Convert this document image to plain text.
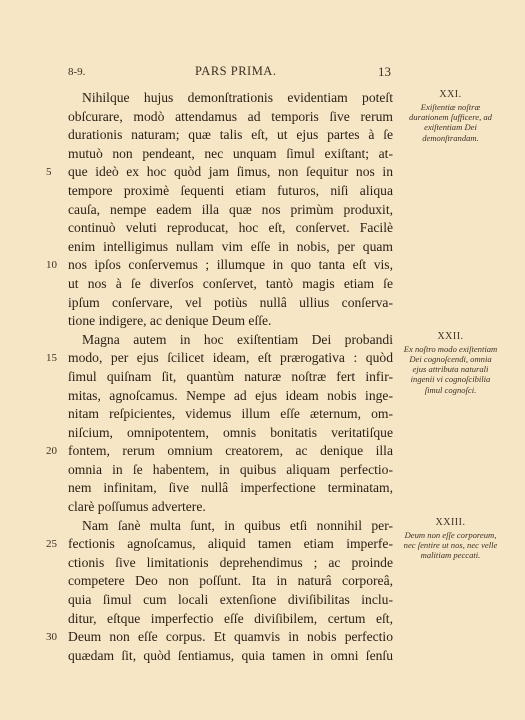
8-9.	PARS PRIMA.	13
Nihilque hujus demonſtrationis evidentiam poteſt
obſcurare, modò attendamus ad temporis ſive rerum
durationis naturam; quæ talis eſt, ut ejus partes à ſe
mutuò non pendeant, nec unquam ſimul exiſtant; at-
que ideò ex hoc quòd jam ſimus, non ſequitur nos in
tempore proximè ſequenti etiam futuros, niſi aliqua
cauſa, nempe eadem illa quæ nos primùm produxit,
continuò veluti reproducat, hoc eſt, conſervet. Facilè
enim intelligimus nullam vim eſſe in nobis, per quam
nos ipſos conſervemus ; illumque in quo tanta eſt vis,
ut nos à ſe diverſos conſervet, tantò magis etiam ſe
ipſum conſervare, vel potiùs nullâ ullius conſerva-
tione indigere, ac denique Deum eſſe.
Magna autem in hoc exiſtentiam Dei probandi
modo, per ejus ſcilicet ideam, eſt prærogativa : quòd
ſimul quiſnam ſit, quantùm naturæ noſtræ fert infir-
mitas, agnoſcamus. Nempe ad ejus ideam nobis inge-
nitam reſpicientes, videmus illum eſſe æternum, om-
niſcium, omnipotentem, omnis bonitatis veritatiſque
fontem, rerum omnium creatorem, ac denique illa
omnia in ſe habentem, in quibus aliquam perfectio-
nem infinitam, ſive nullâ imperfectione terminatam,
clarè poſſumus advertere.
Nam ſanè multa ſunt, in quibus etſi nonnihil per-
fectionis agnoſcamus, aliquid tamen etiam imperfe-
ctionis ſive limitationis deprehendimus ; ac proinde
competere Deo non poſſunt. Ita in naturâ corporeâ,
quia ſimul cum locali extenſione diviſibilitas inclu-
ditur, eſtque imperfectio eſſe diviſibilem, certum eſt,
Deum non eſſe corpus. Et quamvis in nobis perfectio
quædam ſit, quòd ſentiamus, quia tamen in omni ſenſu
5
10
15
20
25
30
XXI.
Exiſtentiæ noſtræ durationem ſufficere, ad exiſtentiam Dei demonſtrandam.
XXII.
Ex noſtro modo exiſtentiam Dei cognoſcendi, omnia ejus attributa naturali ingenii vi cognoſcibilia ſimul cognoſci.
XXIII.
Deum non eſſe corporeum, nec ſentire ut nos, nec velle malitiam peccati.
